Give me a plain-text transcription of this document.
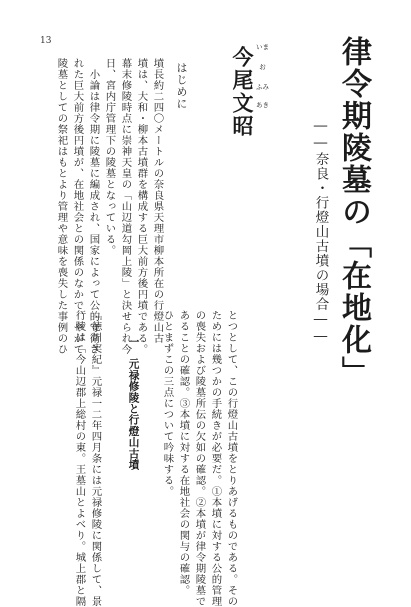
13	律令期陵墓の「在地化」
――奈良・行燈山古墳の場合――
いま
お
ふみ
あき
今尾文昭
はじめに
墳長約二四〇メートルの奈良県天理市柳本所在の行燈山古
墳は、大和・柳本古墳群を構成する巨大前方後円墳である。
幕末修陵時点に崇神天皇の「山辺道勾岡上陵」と決せられ今
日、宮内庁管理下の陵墓となっている。
小論は律令期に陵墓に編成され、国家によって公的守衛さ
れた巨大前方後円墳が、在地社会との関係のなかで、やがて
陵墓としての祭祀はもとより管理や意味を喪失した事例のひ
とつとして、この行燈山古墳をとりあげるものである。その
ためには幾つかの手続きが必要だ。①本墳に対する公的管理
の喪失および陵墓所伝の欠如の確認。②本墳が律令期陵墓で
あることの確認。③本墳に対する在地社会の関与の確認。
ひとまずこの三点について吟味する。
一　元禄修陵と行燈山古墳
『徳川実紀』元禄一二年四月条には元禄修陵に関係して、景
行陵は「今山辺郡上総村の東。王墓山とよべり。城上郡と隔
